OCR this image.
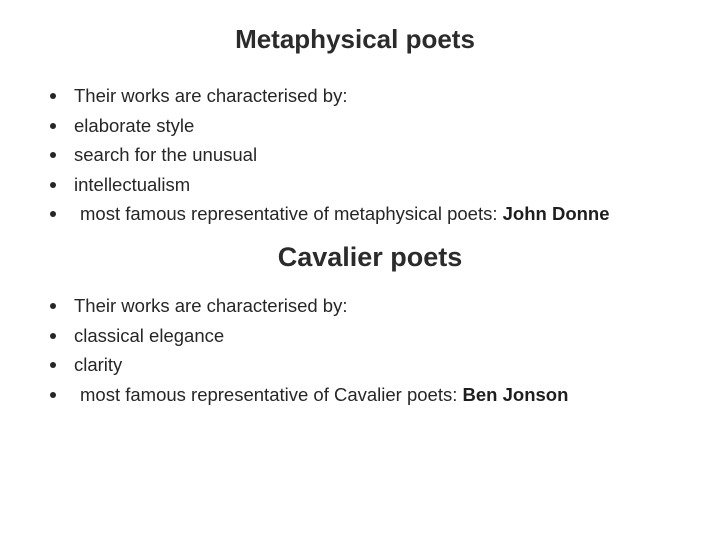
Metaphysical poets
Their works are characterised by:
elaborate style
search for the unusual
intellectualism
most famous representative of metaphysical poets: John Donne
Cavalier poets
Their works are characterised by:
classical elegance
clarity
most famous representative of Cavalier poets: Ben Jonson
